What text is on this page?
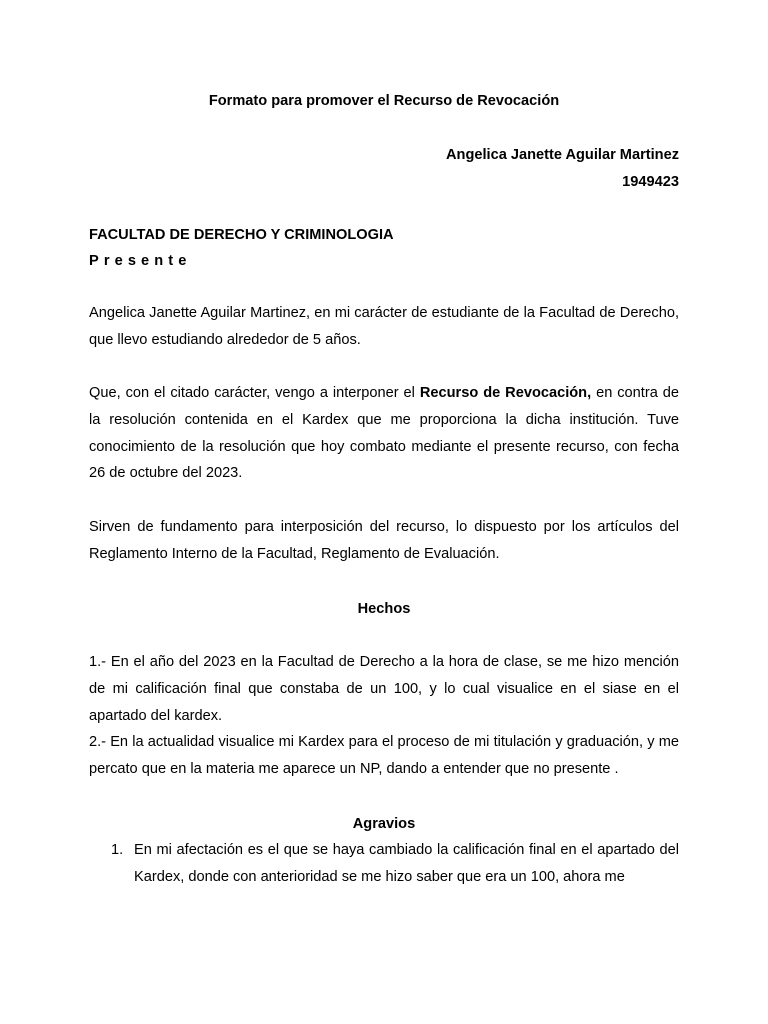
Formato para promover el Recurso de Revocación
Angelica Janette Aguilar Martinez
1949423
FACULTAD DE DERECHO Y CRIMINOLOGIA
Presente

Angelica Janette Aguilar Martinez, en mi carácter de estudiante de la Facultad de Derecho, que llevo estudiando alrededor de 5 años.

Que, con el citado carácter, vengo a interponer el Recurso de Revocación, en contra de la resolución contenida en el Kardex que me proporciona la dicha institución. Tuve conocimiento de la resolución que hoy combato mediante el presente recurso, con fecha 26 de octubre del 2023.

Sirven de fundamento para interposición del recurso, lo dispuesto por los artículos del Reglamento Interno de la Facultad, Reglamento de Evaluación.

Hechos

1.- En el año del 2023 en la Facultad de Derecho a la hora de clase, se me hizo mención de mi calificación final que constaba de un 100, y lo cual visualice en el siase en el apartado del kardex.

2.- En la actualidad visualice mi Kardex para el proceso de mi titulación y graduación, y me percato que en la materia me aparece un NP, dando a entender que no presente .

Agravios
1. En mi afectación es el que se haya cambiado la calificación final en el apartado del Kardex, donde con anterioridad se me hizo saber que era un 100, ahora me
